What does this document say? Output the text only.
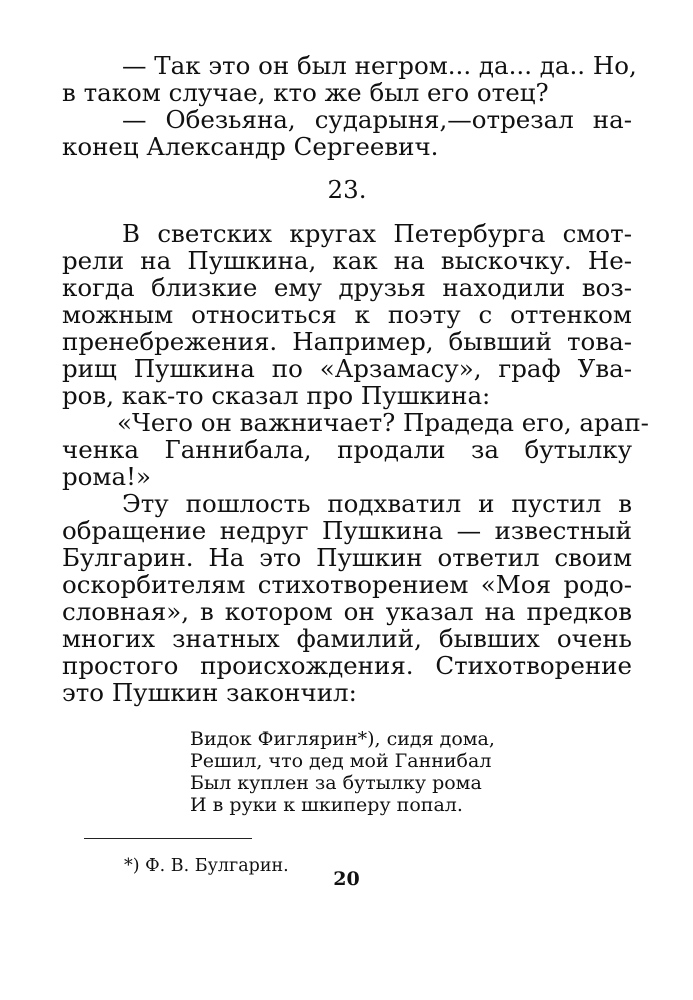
— Так это он был негром... да... да.. Но,
в таком случае, кто же был его отец?
— Обезьяна, сударыня,—отрезал на-
конец Александр Сергеевич.
23.
В светских кругах Петербурга смот-
рели на Пушкина, как на выскочку. Не-
когда близкие ему друзья находили воз-
можным относиться к поэту с оттенком
пренебрежения. Например, бывший това-
рищ Пушкина по «Арзамасу», граф Ува-
ров, как-то сказал про Пушкина:
«Чего он важничает? Прадеда его, арап-
ченка Ганнибала, продали за бутылку
рома!»
Эту пошлость подхватил и пустил в
обращение недруг Пушкина — известный
Булгарин. На это Пушкин ответил своим
оскорбителям стихотворением «Моя родо-
словная», в котором он указал на предков
многих знатных фамилий, бывших очень
простого происхождения. Стихотворение
это Пушкин закончил:
Видок Фиглярин*), сидя дома,
Решил, что дед мой Ганнибал
Был куплен за бутылку рома
И в руки к шкиперу попал.
*) Ф. В. Булгарин.
20
